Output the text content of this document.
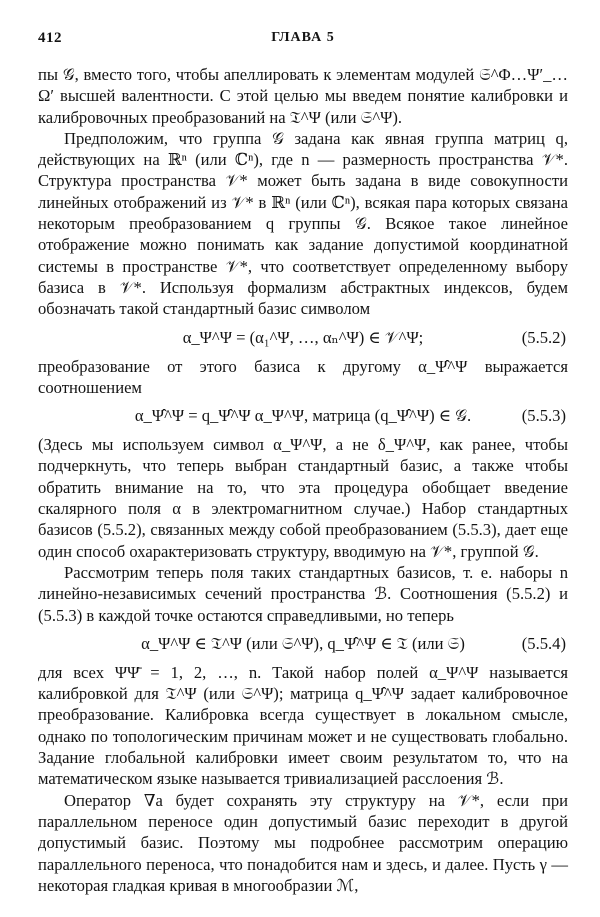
412	ГЛАВА 5

пы 𝒢, вместо того, чтобы апеллировать к элементам модулей 𝔖^Φ…Ψ′_…Ω′ высшей валентности. С этой целью мы введем понятие калибровки и калибровочных преобразований на 𝔗^Ψ (или 𝔖^Ψ).

Предположим, что группа 𝒢 задана как явная группа матриц q, действующих на ℝⁿ (или ℂⁿ), где n — размерность пространства 𝒱*. Структура пространства 𝒱* может быть задана в виде совокупности линейных отображений из 𝒱* в ℝⁿ (или ℂⁿ), всякая пара которых связана некоторым преобразованием q группы 𝒢. Всякое такое линейное отображение можно понимать как задание допустимой координатной системы в пространстве 𝒱*, что соответствует определенному выбору базиса в 𝒱*. Используя формализм абстрактных индексов, будем обозначать такой стандартный базис символом

α_Ψ^Ψ = (α₁^Ψ, …, αₙ^Ψ) ∈ 𝒱^Ψ;	(5.5.2)

преобразование от этого базиса к другому α_Ψ̂^Ψ выражается соотношением

α_Ψ̂^Ψ = q_Ψ̂^Ψ α_Ψ^Ψ, матрица (q_Ψ̂^Ψ) ∈ 𝒢.	(5.5.3)

(Здесь мы используем символ α_Ψ^Ψ, а не δ_Ψ^Ψ, как ранее, чтобы подчеркнуть, что теперь выбран стандартный базис, а также чтобы обратить внимание на то, что эта процедура обобщает введение скалярного поля α в электромагнитном случае.) Набор стандартных базисов (5.5.2), связанных между собой преобразованием (5.5.3), дает еще один способ охарактеризовать структуру, вводимую на 𝒱*, группой 𝒢.

Рассмотрим теперь поля таких стандартных базисов, т. е. наборы n линейно-независимых сечений пространства ℬ. Соотношения (5.5.2) и (5.5.3) в каждой точке остаются справедливыми, но теперь

α_Ψ^Ψ ∈ 𝔗^Ψ (или 𝔖^Ψ), q_Ψ̂^Ψ ∈ 𝔗 (или 𝔖)	(5.5.4)

для всех ΨΨ̄ = 1, 2, …, n. Такой набор полей α_Ψ^Ψ называется калибровкой для 𝔗^Ψ (или 𝔖^Ψ); матрица q_Ψ̂^Ψ задает калибровочное преобразование. Калибровка всегда существует в локальном смысле, однако по топологическим причинам может и не существовать глобально. Задание глобальной калибровки имеет своим результатом то, что на математическом языке называется тривиализацией расслоения ℬ.

Оператор ∇a будет сохранять эту структуру на 𝒱*, если при параллельном переносе один допустимый базис переходит в другой допустимый базис. Поэтому мы подробнее рассмотрим операцию параллельного переноса, что понадобится нам и здесь, и далее. Пусть γ — некоторая гладкая кривая в многообразии ℳ,
